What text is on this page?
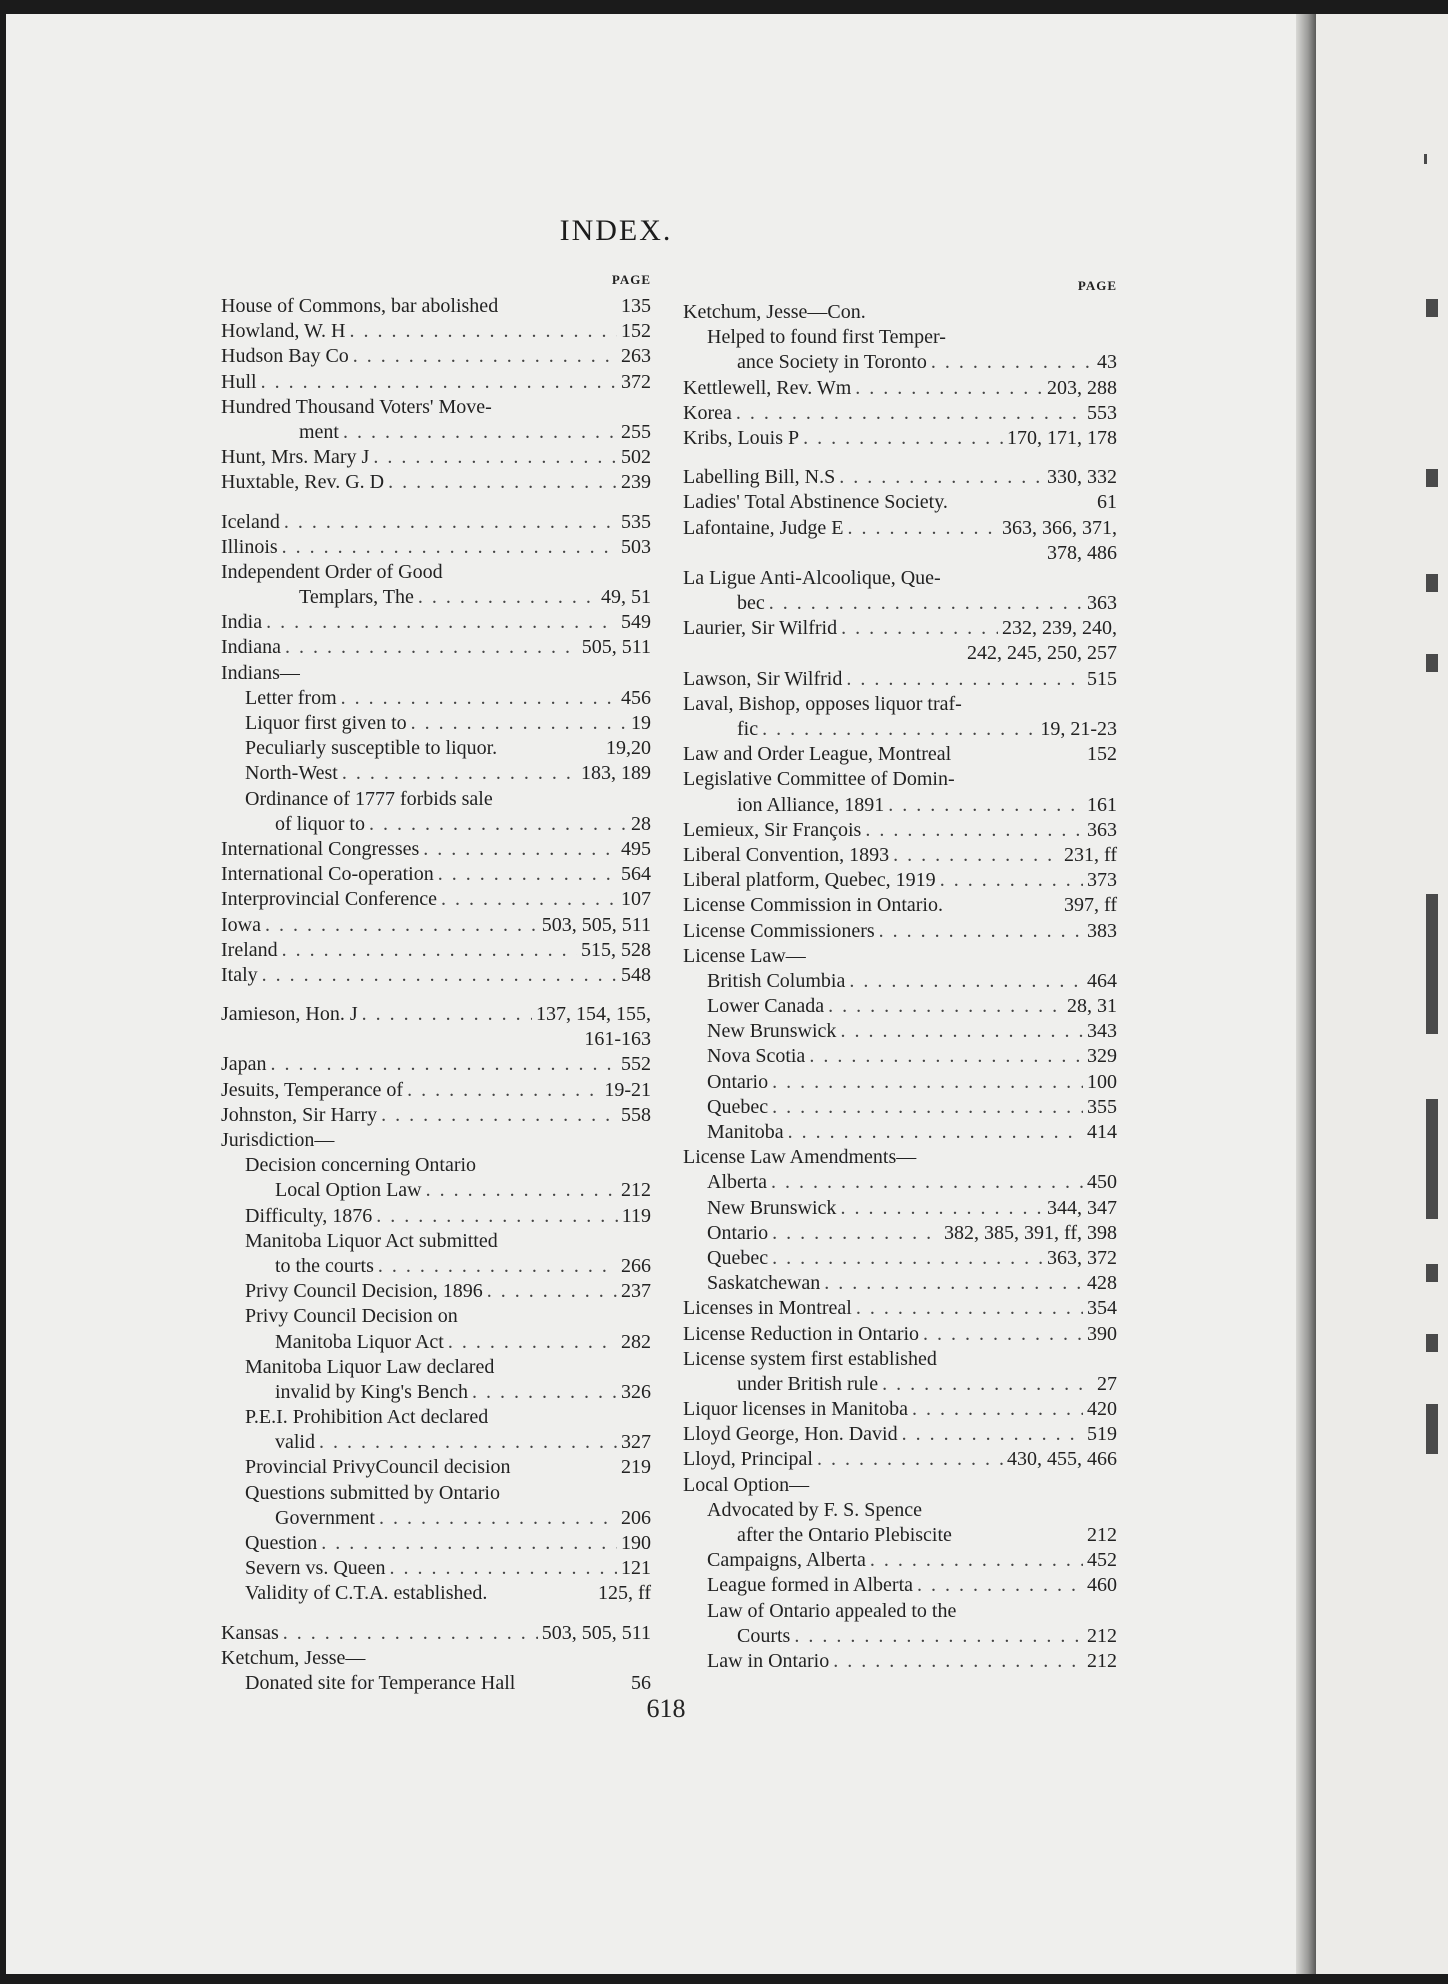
INDEX.
PAGE
House of Commons, bar abolished	135
Howland, W. H . . .	152
Hudson Bay Co . . .	263
Hull . . .	372
Hundred Thousand Voters' Move-
ment . . .	255
Hunt, Mrs. Mary J . . .	502
Huxtable, Rev. G. D . . .	239
Iceland . . .	535
Illinois . . .	503
Independent Order of Good
Templars, The . . .	49, 51
India . . .	549
Indiana . . .	505, 511
Indians—
Letter from . . .	456
Liquor first given to . . .	19
Peculiarly susceptible to liquor.	19,20
North-West . . .	183, 189
Ordinance of 1777 forbids sale
of liquor to . . .	28
International Congresses . . .	495
International Co-operation . . .	564
Interprovincial Conference . . .	107
Iowa . . .	503, 505, 511
Ireland . . .	515, 528
Italy . . .	548
Jamieson, Hon. J . . .	137, 154, 155,
161-163
Japan . . .	552
Jesuits, Temperance of . . .	19-21
Johnston, Sir Harry . . .	558
Jurisdiction—
Decision concerning Ontario
Local Option Law . . .	212
Difficulty, 1876 . . .	119
Manitoba Liquor Act submitted
to the courts . . .	266
Privy Council Decision, 1896 . . .	237
Privy Council Decision on
Manitoba Liquor Act . . .	282
Manitoba Liquor Law declared
invalid by King's Bench . . .	326
P.E.I. Prohibition Act declared
valid . . .	327
Provincial PrivyCouncil decision	219
Questions submitted by Ontario
Government . . .	206
Question . . .	190
Severn vs. Queen . . .	121
Validity of C.T.A. established.	125, ff
Kansas . . .	503, 505, 511
Ketchum, Jesse—
Donated site for Temperance Hall	56
PAGE
Ketchum, Jesse—Con.
Helped to found first Temper-
ance Society in Toronto . . .	43
Kettlewell, Rev. Wm . . .	203, 288
Korea . . .	553
Kribs, Louis P . . .	170, 171, 178
Labelling Bill, N.S . . .	330, 332
Ladies' Total Abstinence Society.	61
Lafontaine, Judge E . . .	363, 366, 371,
378, 486
La Ligue Anti-Alcoolique, Que-
bec . . .	363
Laurier, Sir Wilfrid . . .	232, 239, 240,
242, 245, 250, 257
Lawson, Sir Wilfrid . . .	515
Laval, Bishop, opposes liquor traf-
fic . . .	19, 21-23
Law and Order League, Montreal	152
Legislative Committee of Domin-
ion Alliance, 1891 . . .	161
Lemieux, Sir François . . .	363
Liberal Convention, 1893 . . .	231, ff
Liberal platform, Quebec, 1919 . . .	373
License Commission in Ontario.	397, ff
License Commissioners . . .	383
License Law—
British Columbia . . .	464
Lower Canada . . .	28, 31
New Brunswick . . .	343
Nova Scotia . . .	329
Ontario . . .	100
Quebec . . .	355
Manitoba . . .	414
License Law Amendments—
Alberta . . .	450
New Brunswick . . .	344, 347
Ontario . . .	382, 385, 391, ff, 398
Quebec . . .	363, 372
Saskatchewan . . .	428
Licenses in Montreal . . .	354
License Reduction in Ontario . . .	390
License system first established
under British rule . . .	27
Liquor licenses in Manitoba . . .	420
Lloyd George, Hon. David . . .	519
Lloyd, Principal . . .	430, 455, 466
Local Option—
Advocated by F. S. Spence
after the Ontario Plebiscite	212
Campaigns, Alberta . . .	452
League formed in Alberta . . .	460
Law of Ontario appealed to the
Courts . . .	212
Law in Ontario . . .	212
618
